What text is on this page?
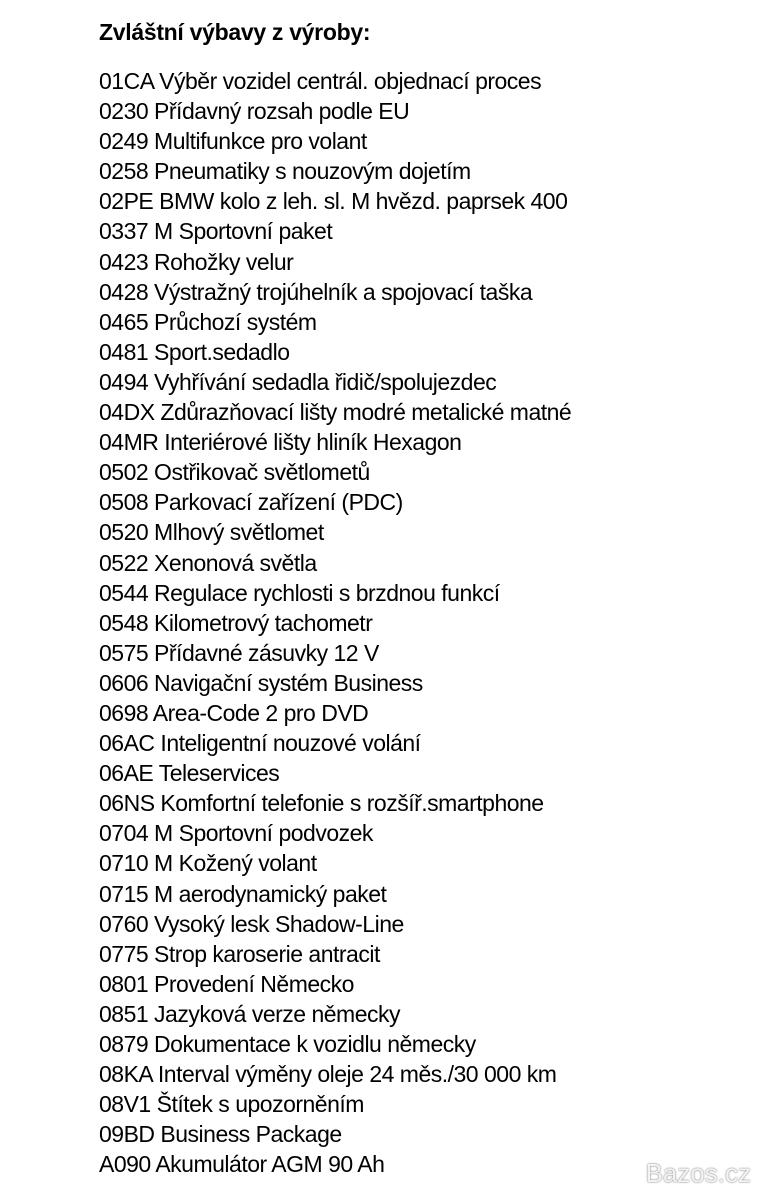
Zvláštní výbavy z výroby:
01CA Výběr vozidel centrál. objednací proces
0230 Přídavný rozsah podle EU
0249 Multifunkce pro volant
0258 Pneumatiky s nouzovým dojetím
02PE BMW kolo z leh. sl. M hvězd. paprsek 400
0337 M Sportovní paket
0423 Rohožky velur
0428 Výstražný trojúhelník a spojovací taška
0465 Průchozí systém
0481 Sport.sedadlo
0494 Vyhřívání sedadla řidič/spolujezdec
04DX Zdůrazňovací lišty modré metalické matné
04MR Interiérové lišty hliník Hexagon
0502 Ostřikovač světlometů
0508 Parkovací zařízení (PDC)
0520 Mlhový světlomet
0522 Xenonová světla
0544 Regulace rychlosti s brzdnou funkcí
0548 Kilometrový tachometr
0575 Přídavné zásuvky 12 V
0606 Navigační systém Business
0698 Area-Code 2 pro DVD
06AC Inteligentní nouzové volání
06AE Teleservices
06NS Komfortní telefonie s rozšíř.smartphone
0704 M Sportovní podvozek
0710 M Kožený volant
0715 M aerodynamický paket
0760 Vysoký lesk Shadow-Line
0775 Strop karoserie antracit
0801 Provedení Německo
0851 Jazyková verze německy
0879 Dokumentace k vozidlu německy
08KA Interval výměny oleje 24 měs./30 000 km
08V1 Štítek s upozorněním
09BD Business Package
A090 Akumulátor AGM 90 Ah	Bazos.cz
